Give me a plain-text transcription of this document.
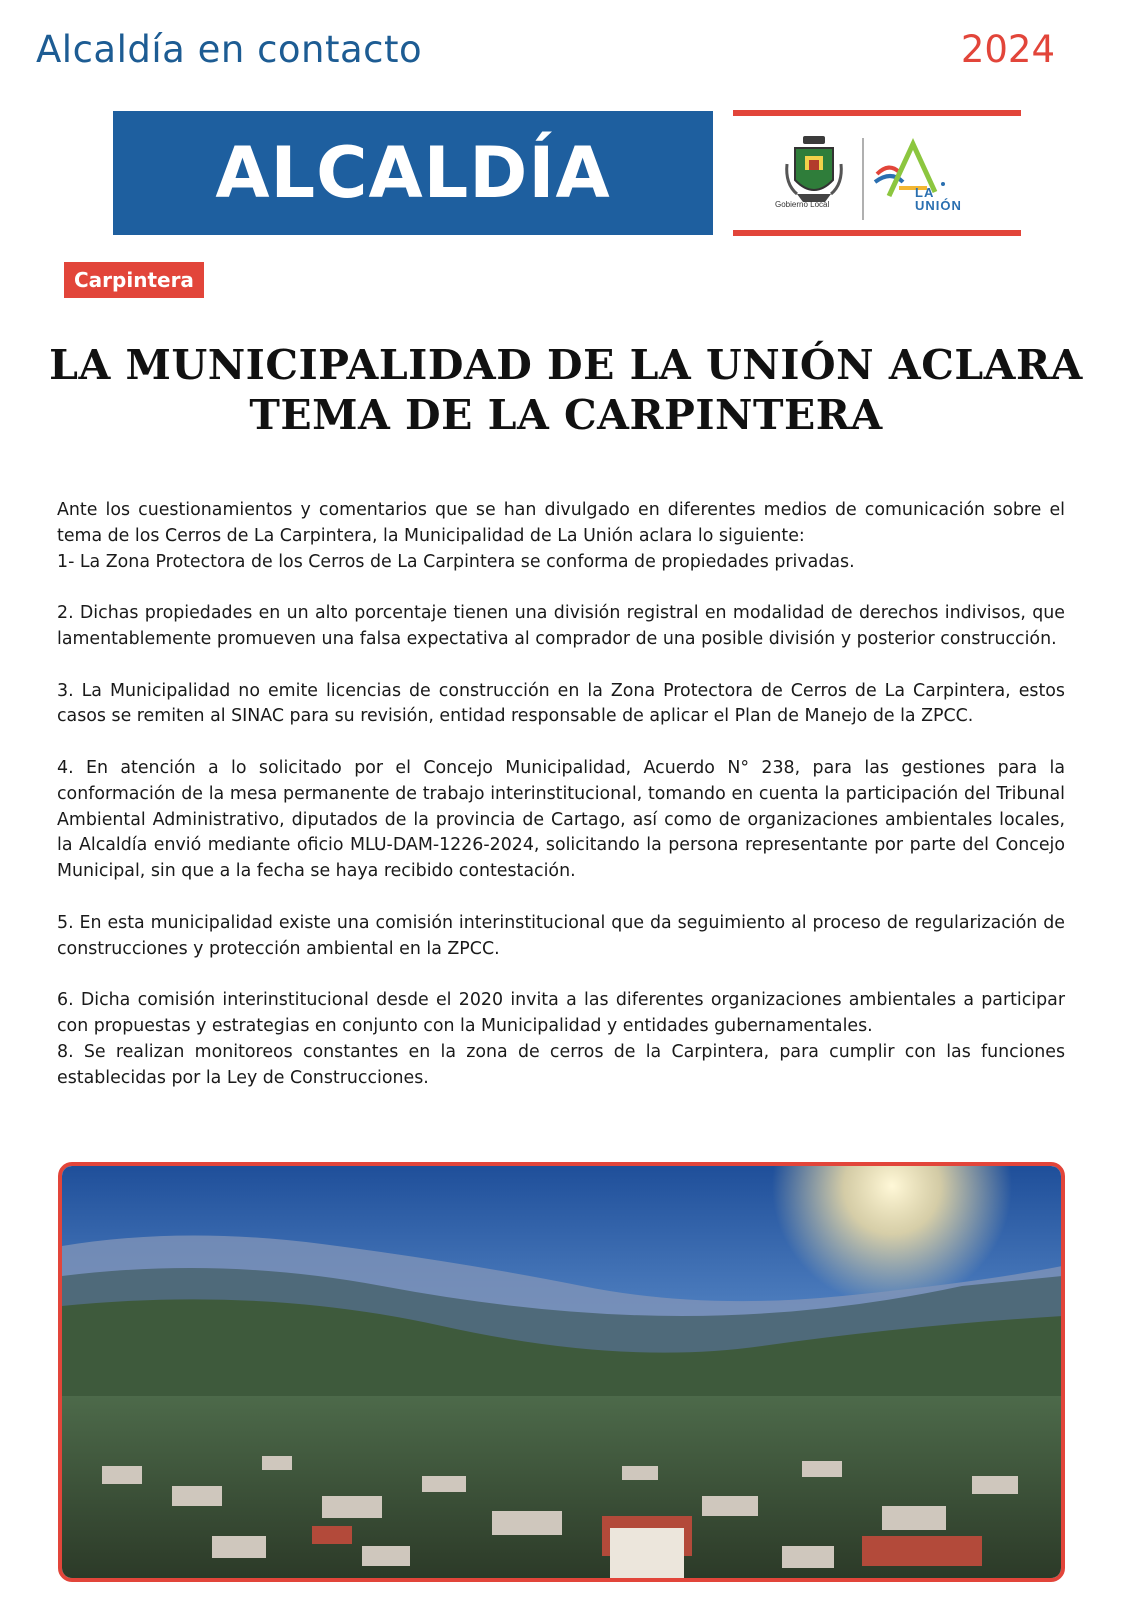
Alcaldía en contacto	2024
ALCALDÍA	Gobierno Local
LA
UNIÓN
Carpintera
LA MUNICIPALIDAD DE LA UNIÓN ACLARA
TEMA DE LA CARPINTERA

Ante los cuestionamientos y comentarios que se han divulgado en diferentes medios de comunicación sobre el tema de los Cerros de La Carpintera, la Municipalidad de La Unión aclara lo siguiente:

1- La Zona Protectora de los Cerros de La Carpintera se conforma de propiedades privadas.

2. Dichas propiedades en un alto porcentaje tienen una división registral en modalidad de derechos indivisos, que lamentablemente promueven una falsa expectativa al comprador de una posible división y posterior construcción.

3. La Municipalidad no emite licencias de construcción en la Zona Protectora de Cerros de La Carpintera, estos casos se remiten al SINAC para su revisión, entidad responsable de aplicar el Plan de Manejo de la ZPCC.

4. En atención a lo solicitado por el Concejo Municipalidad, Acuerdo N° 238, para las gestiones para la conformación de la mesa permanente de trabajo interinstitucional, tomando en cuenta la participación del Tribunal Ambiental Administrativo, diputados de la provincia de Cartago, así como de organizaciones ambientales locales, la Alcaldía envió mediante oficio MLU-DAM-1226-2024, solicitando la persona representante por parte del Concejo Municipal, sin que a la fecha se haya recibido contestación.

5. En esta municipalidad existe una comisión interinstitucional que da seguimiento al proceso de regularización de construcciones y protección ambiental en la ZPCC.

6. Dicha comisión interinstitucional desde el 2020 invita a las diferentes organizaciones ambientales a participar con propuestas y estrategias en conjunto con la Municipalidad y entidades gubernamentales.

8. Se realizan monitoreos constantes en la zona de cerros de la Carpintera, para cumplir con las funciones establecidas por la Ley de Construcciones.
